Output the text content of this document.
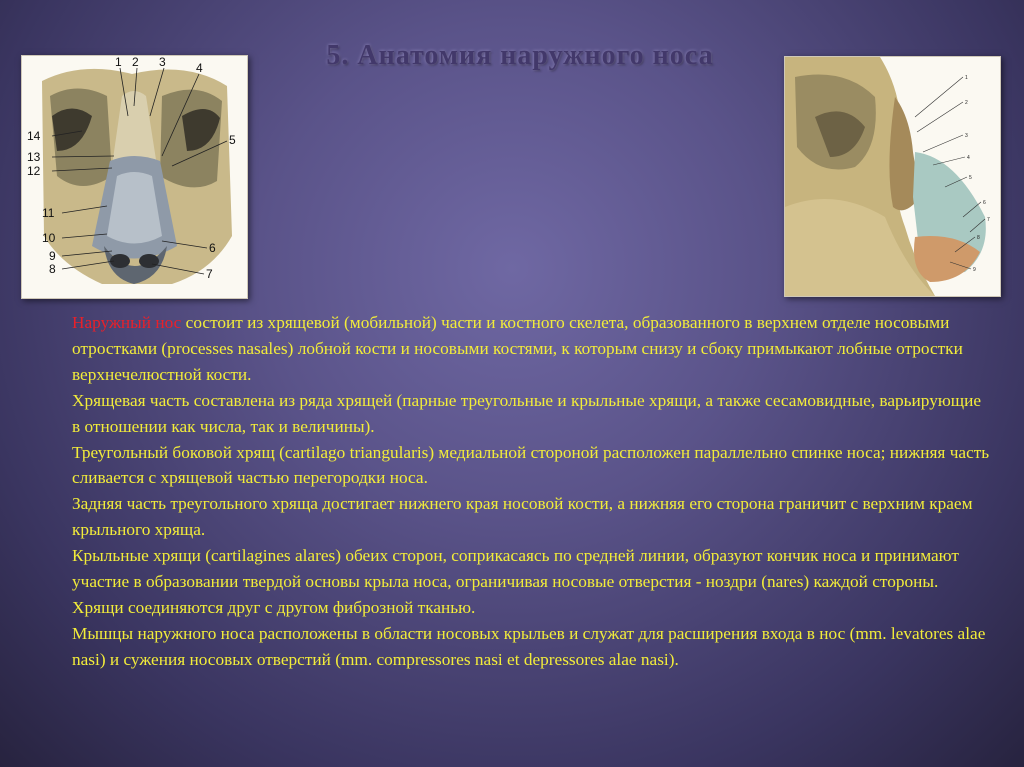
5. Анатомия наружного носа
1 2 3	4
5
6
7
8
9
10
11
12
13
14
1
2
3
4
5
6
7
8
9

Наружный нос состоит из хрящевой (мобильной) части и костного скелета, образованного в верхнем отделе носовыми отростками (processes nasales) лобной кости и носовыми костями, к которым снизу и сбоку примыкают лобные отростки верхнечелюстной кости.

Хрящевая часть составлена из ряда хрящей (парные треугольные и крыльные хрящи, а также сесамовидные, варьирующие в отношении как числа, так и величины).

Треугольный боковой хрящ (cartilago triangularis) медиальной стороной расположен параллельно спинке носа; нижняя часть сливается с хрящевой частью перегородки носа.

Задняя часть треугольного хряща достигает нижнего края носовой кости, а нижняя его сторона граничит с верхним краем крыльного хряща.

Крыльные хрящи (cartilagines alares) обеих сторон, соприкасаясь по средней линии, образуют кончик носа и принимают участие в образовании твердой основы крыла носа, ограничивая носовые отверстия - ноздри (nares) каждой стороны.

Хрящи соединяются друг с другом фиброзной тканью.

Мышцы наружного носа расположены в области носовых крыльев и служат для расширения входа в нос (mm. levatores alae nasi) и сужения носовых отверстий (mm. compressores nasi et depressores alae nasi).
